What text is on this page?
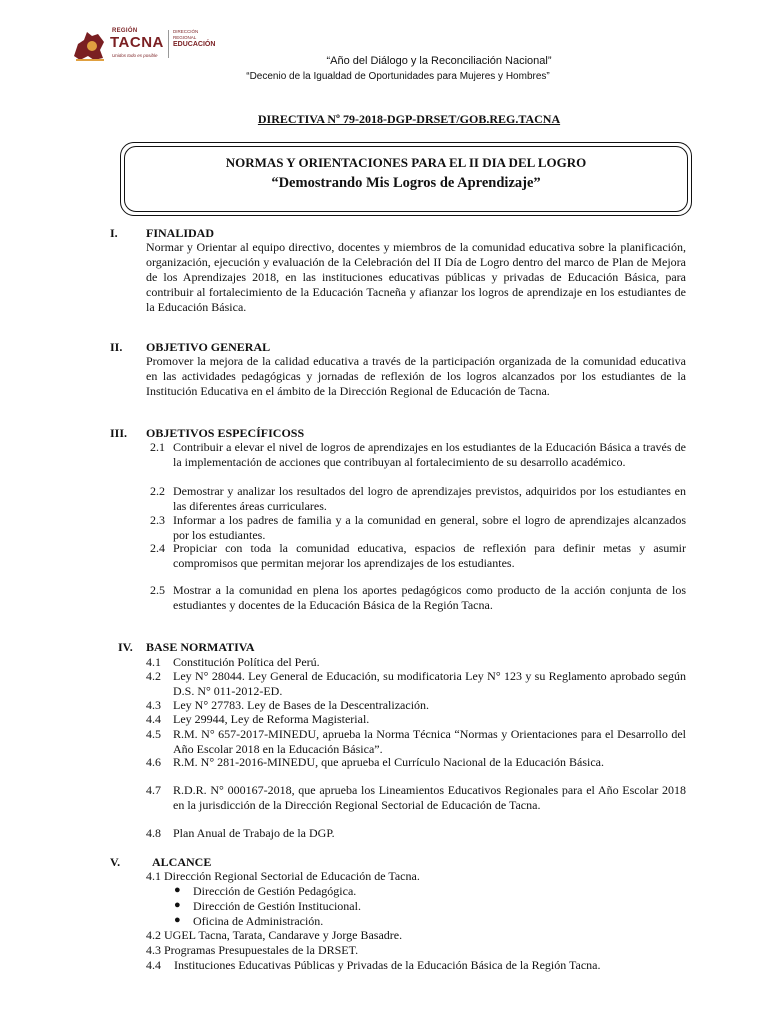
REGIÓN
TACNA
Unidos todo es posible
DIRECCIÓN
REGIONAL
EDUCACIÓN
“Año del Diálogo y la Reconciliación Nacional”
“Decenio de la Igualdad de Oportunidades para Mujeres y Hombres”
DIRECTIVA Nº 79-2018-DGP-DRSET/GOB.REG.TACNA
NORMAS Y ORIENTACIONES PARA EL II DIA DEL LOGRO
“Demostrando Mis Logros de Aprendizaje”
I. FINALIDAD
Normar y Orientar al equipo directivo, docentes y miembros de la comunidad educativa sobre la planificación, organización, ejecución y evaluación de la Celebración del II Día de Logro dentro del marco de Plan de Mejora de los Aprendizajes 2018, en las instituciones educativas públicas y privadas de Educación Básica, para contribuir al fortalecimiento de la Educación Tacneña y afianzar los logros de aprendizaje en los estudiantes de la Educación Básica.
II. OBJETIVO GENERAL
Promover la mejora de la calidad educativa a través de la participación organizada de la comunidad educativa en las actividades pedagógicas y jornadas de reflexión de los logros alcanzados por los estudiantes de la Institución Educativa en el ámbito de la Dirección Regional de Educación de Tacna.
III. OBJETIVOS ESPECÍFICOSS
2.1 Contribuir a elevar el nivel de logros de aprendizajes en los estudiantes de la Educación Básica a través de la implementación de acciones que contribuyan al fortalecimiento de su desarrollo académico.
2.2 Demostrar y analizar los resultados del logro de aprendizajes previstos, adquiridos por los estudiantes en las diferentes áreas curriculares.
2.3 Informar a los padres de familia y a la comunidad en general, sobre el logro de aprendizajes alcanzados por los estudiantes.
2.4 Propiciar con toda la comunidad educativa, espacios de reflexión para definir metas y asumir compromisos que permitan mejorar los aprendizajes de los estudiantes.
2.5 Mostrar a la comunidad en plena los aportes pedagógicos como producto de la acción conjunta de los estudiantes y docentes de la Educación Básica de la Región Tacna.
IV. BASE NORMATIVA
4.1 Constitución Política del Perú.
4.2 Ley N° 28044. Ley General de Educación, su modificatoria Ley N° 123 y su Reglamento aprobado según D.S. N° 011-2012-ED.
4.3 Ley N° 27783. Ley de Bases de la Descentralización.
4.4 Ley 29944, Ley de Reforma Magisterial.
4.5 R.M. N° 657-2017-MINEDU, aprueba la Norma Técnica “Normas y Orientaciones para el Desarrollo del Año Escolar 2018 en la Educación Básica”.
4.6 R.M. N° 281-2016-MINEDU, que aprueba el Currículo Nacional de la Educación Básica.
4.7 R.D.R. N° 000167-2018, que aprueba los Lineamientos Educativos Regionales para el Año Escolar 2018 en la jurisdicción de la Dirección Regional Sectorial de Educación de Tacna.
4.8 Plan Anual de Trabajo de la DGP.
V.	ALCANCE
4.1 Dirección Regional Sectorial de Educación de Tacna.
● Dirección de Gestión Pedagógica.
● Dirección de Gestión Institucional.
● Oficina de Administración.
4.2 UGEL Tacna, Tarata, Candarave y Jorge Basadre.
4.3 Programas Presupuestales de la DRSET.
4.4 Instituciones Educativas Públicas y Privadas de la Educación Básica de la Región Tacna.
